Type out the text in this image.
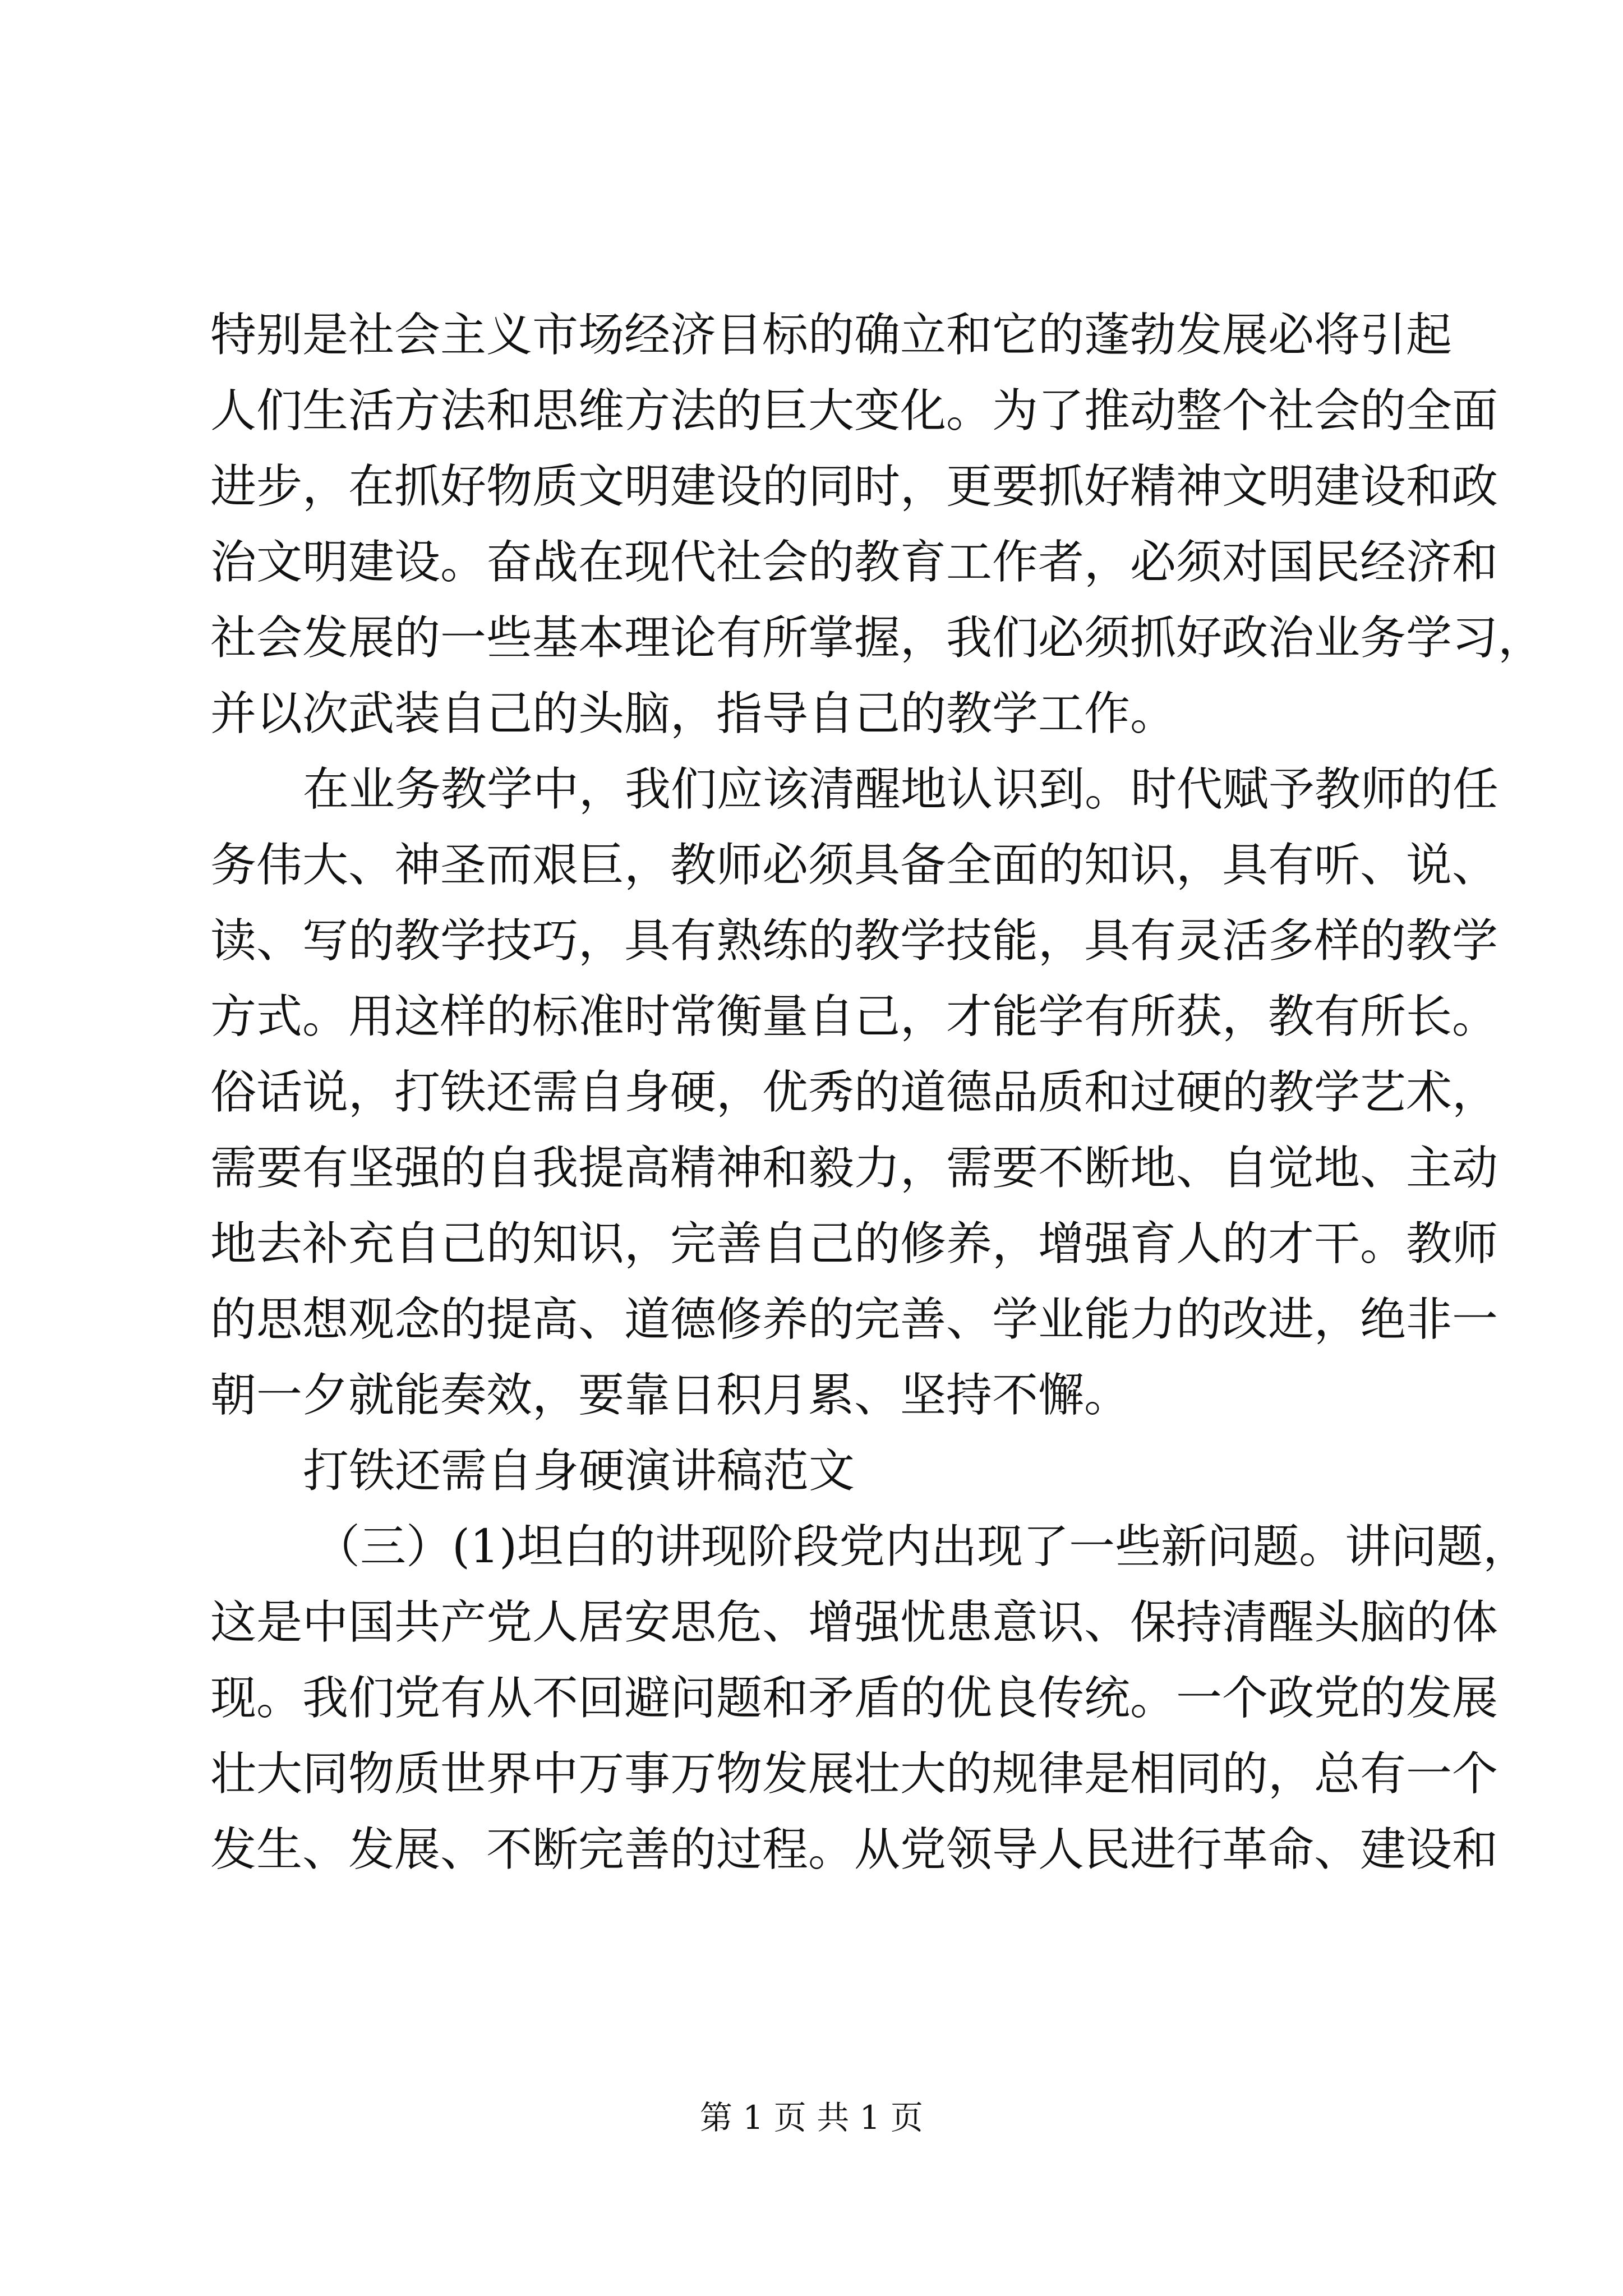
特别是社会主义市场经济目标的确立和它的蓬勃发展必将引起
人们生活方法和思维方法的巨大变化。为了推动整个社会的全面
进步，在抓好物质文明建设的同时，更要抓好精神文明建设和政
治文明建设。奋战在现代社会的教育工作者，必须对国民经济和
社会发展的一些基本理论有所掌握，我们必须抓好政治业务学习，
并以次武装自己的头脑，指导自己的教学工作。
在业务教学中，我们应该清醒地认识到。时代赋予教师的任
务伟大、神圣而艰巨，教师必须具备全面的知识，具有听、说、
读、写的教学技巧，具有熟练的教学技能，具有灵活多样的教学
方式。用这样的标准时常衡量自己，才能学有所获，教有所长。
俗话说，打铁还需自身硬，优秀的道德品质和过硬的教学艺术，
需要有坚强的自我提高精神和毅力，需要不断地、自觉地、主动
地去补充自己的知识，完善自己的修养，增强育人的才干。教师
的思想观念的提高、道德修养的完善、学业能力的改进，绝非一
朝一夕就能奏效，要靠日积月累、坚持不懈。
打铁还需自身硬演讲稿范文
（三）(1)坦白的讲现阶段党内出现了一些新问题。讲问题，
这是中国共产党人居安思危、增强忧患意识、保持清醒头脑的体
现。我们党有从不回避问题和矛盾的优良传统。一个政党的发展
壮大同物质世界中万事万物发展壮大的规律是相同的，总有一个
发生、发展、不断完善的过程。从党领导人民进行革命、建设和
第 1 页 共 1 页
